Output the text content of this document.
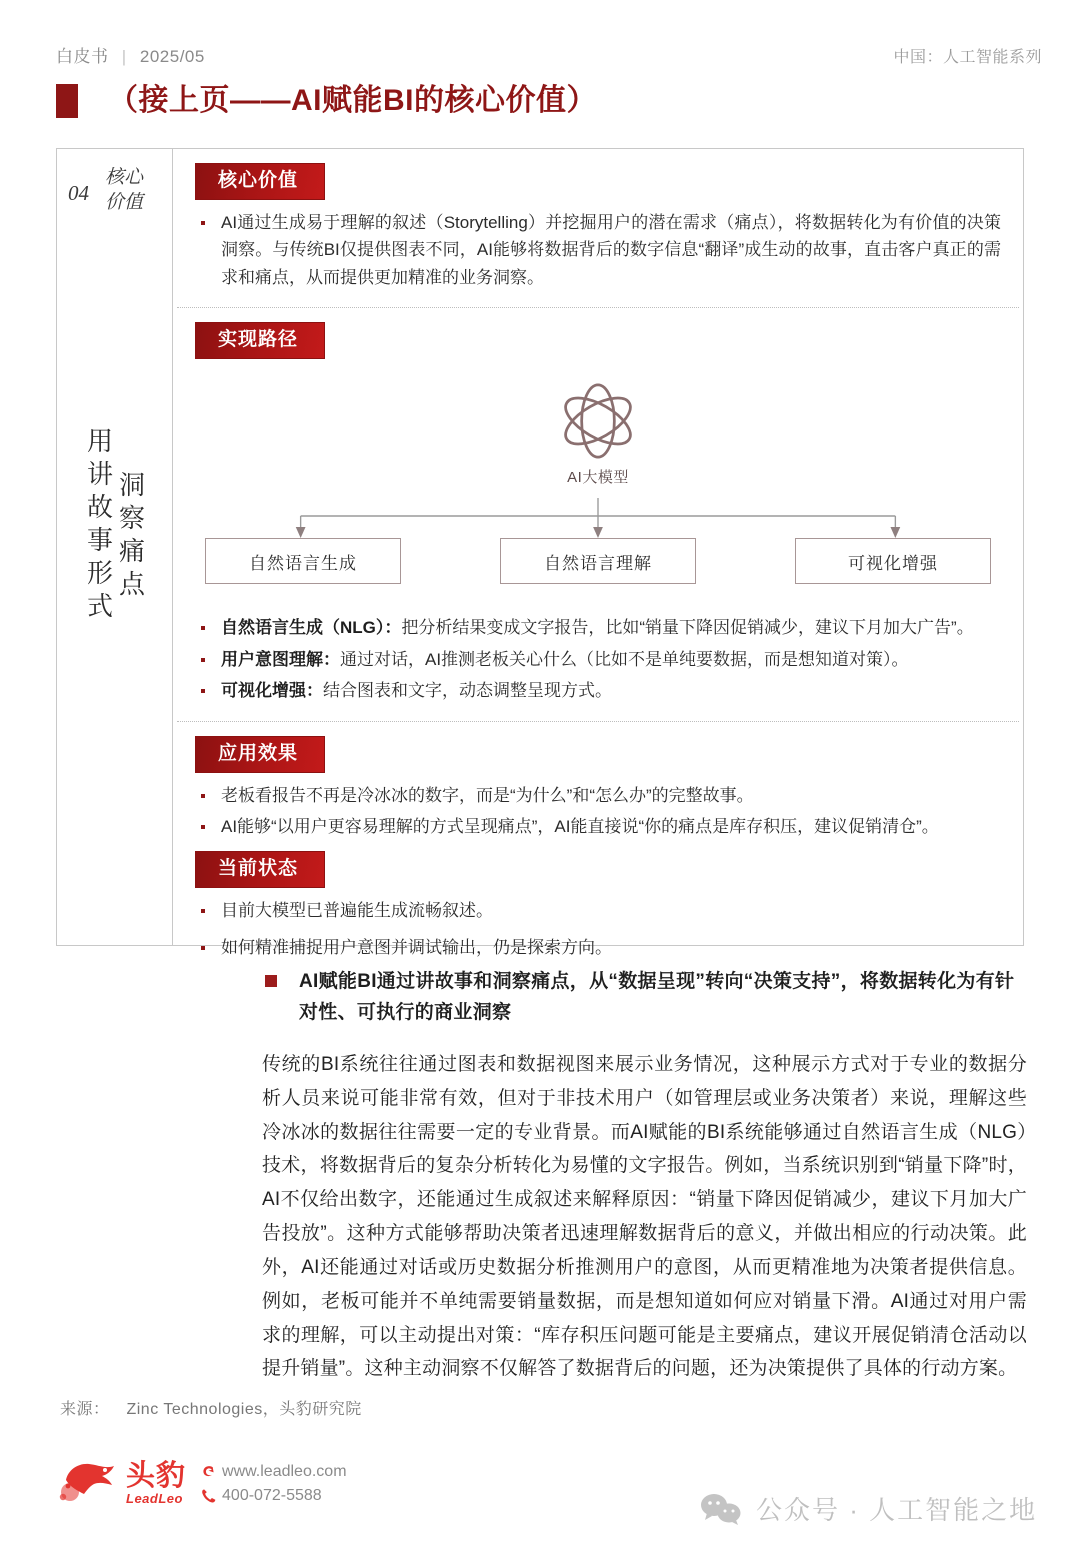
白皮书 | 2025/05	中国：人工智能系列
（接上页——AI赋能BI的核心价值）
04
核心价值
用讲故事形式 洞察痛点
核心价值
AI通过生成易于理解的叙述（Storytelling）并挖掘用户的潜在需求（痛点），将数据转化为有价值的决策洞察。与传统BI仅提供图表不同，AI能够将数据背后的数字信息“翻译”成生动的故事，直击客户真正的需求和痛点，从而提供更加精准的业务洞察。
实现路径
AI大模型
自然语言生成	自然语言理解	可视化增强
自然语言生成（NLG）：把分析结果变成文字报告，比如“销量下降因促销减少，建议下月加大广告”。
用户意图理解：通过对话，AI推测老板关心什么（比如不是单纯要数据，而是想知道对策）。
可视化增强：结合图表和文字，动态调整呈现方式。
应用效果
老板看报告不再是冷冰冰的数字，而是“为什么”和“怎么办”的完整故事。
AI能够“以用户更容易理解的方式呈现痛点”，AI能直接说“你的痛点是库存积压，建议促销清仓”。
当前状态
目前大模型已普遍能生成流畅叙述。
如何精准捕捉用户意图并调试输出，仍是探索方向。
AI赋能BI通过讲故事和洞察痛点，从“数据呈现”转向“决策支持”，将数据转化为有针对性、可执行的商业洞察
传统的BI系统往往通过图表和数据视图来展示业务情况，这种展示方式对于专业的数据分析人员来说可能非常有效，但对于非技术用户（如管理层或业务决策者）来说，理解这些冷冰冰的数据往往需要一定的专业背景。而AI赋能的BI系统能够通过自然语言生成（NLG）技术，将数据背后的复杂分析转化为易懂的文字报告。例如，当系统识别到“销量下降”时，AI不仅给出数字，还能通过生成叙述来解释原因：“销量下降因促销减少，建议下月加大广告投放”。这种方式能够帮助决策者迅速理解数据背后的意义，并做出相应的行动决策。此外，AI还能通过对话或历史数据分析推测用户的意图，从而更精准地为决策者提供信息。例如，老板可能并不单纯需要销量数据，而是想知道如何应对销量下滑。AI通过对用户需求的理解，可以主动提出对策：“库存积压问题可能是主要痛点，建议开展促销清仓活动以提升销量”。这种主动洞察不仅解答了数据背后的问题，还为决策提供了具体的行动方案。
来源： Zinc Technologies，头豹研究院
头豹
LeadLeo
www.leadleo.com
400-072-5588	公众号 · 人工智能之地
